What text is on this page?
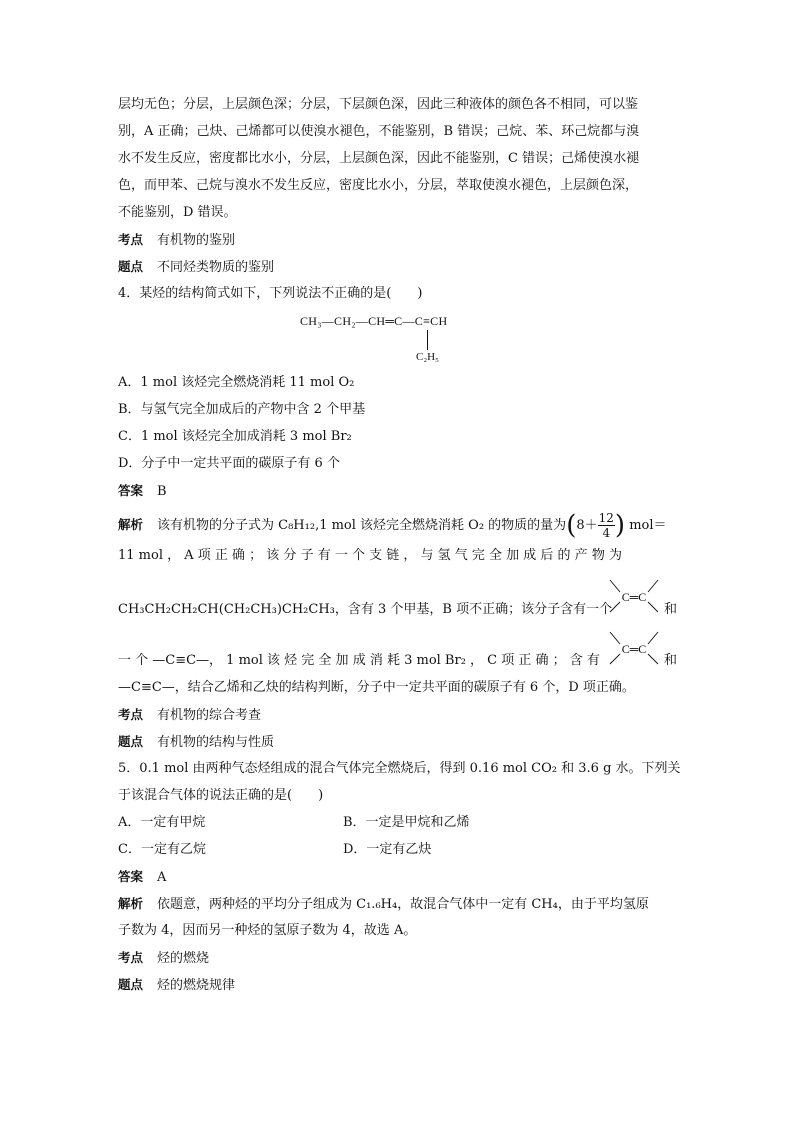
层均无色；分层，上层颜色深；分层，下层颜色深，因此三种液体的颜色各不相同，可以鉴
别，A 正确；己炔、己烯都可以使溴水褪色，不能鉴别，B 错误；己烷、苯、环己烷都与溴
水不发生反应，密度都比水小，分层，上层颜色深，因此不能鉴别，C 错误；己烯使溴水褪
色，而甲苯、己烷与溴水不发生反应，密度比水小，分层，萃取使溴水褪色，上层颜色深，
不能鉴别，D 错误。
考点 有机物的鉴别
题点 不同烃类物质的鉴别
4．某烃的结构简式如下，下列说法不正确的是(　　)
CH₃—CH₂—CH═C—C≡CH
C₂H₅
A．1 mol 该烃完全燃烧消耗 11 mol O₂
B．与氢气完全加成后的产物中含 2 个甲基
C．1 mol 该烃完全加成消耗 3 mol Br₂
D．分子中一定共平面的碳原子有 6 个
答案 B
解析 该有机物的分子式为 C₈H₁₂,1 mol 该烃完全燃烧消耗 O₂ 的物质的量为($8+ \frac{12}{4}$ ) mol＝
11 mol ， A 项 正 确 ； 该 分 子 有 一 个 支 链 ， 与 氢 气 完 全 加 成 后 的 产 物 为
CH₃CH₂CH₂CH(CH₂CH₃)CH₂CH₃，含有 3 个甲基，B 项不正确；该分子含有一个
C═C
和
一 个 —C≡C—， 1 mol 该 烃 完 全 加 成 消 耗 3 mol Br₂ ， C 项 正 确 ； 含 有
C═C
和
—C≡C—，结合乙烯和乙炔的结构判断，分子中一定共平面的碳原子有 6 个，D 项正确。
考点 有机物的综合考查
题点 有机物的结构与性质
5．0.1 mol 由两种气态烃组成的混合气体完全燃烧后，得到 0.16 mol CO₂ 和 3.6 g 水。下列关
于该混合气体的说法正确的是(　　)
A．一定有甲烷	B．一定是甲烷和乙烯
C．一定有乙烷	D．一定有乙炔
答案 A
解析 依题意，两种烃的平均分子组成为 C₁.₆H₄，故混合气体中一定有 CH₄，由于平均氢原
子数为 4，因而另一种烃的氢原子数为 4，故选 A。
考点 烃的燃烧
题点 烃的燃烧规律
